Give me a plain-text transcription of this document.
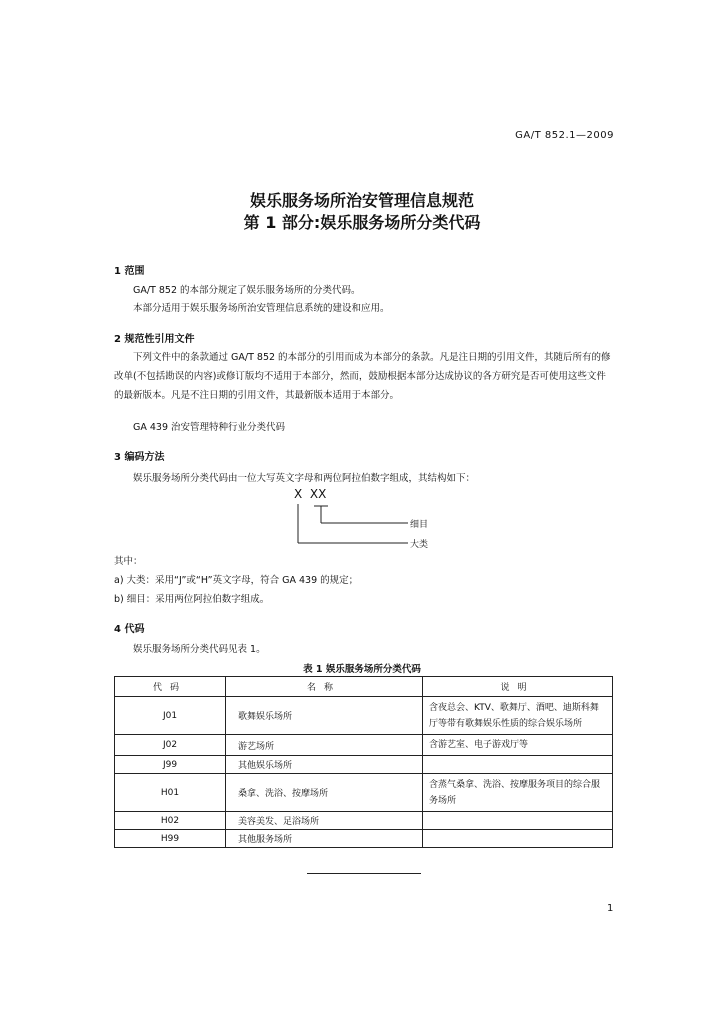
GA/T 852.1—2009
娱乐服务场所治安管理信息规范
第 1 部分:娱乐服务场所分类代码
1 范围
GA/T 852 的本部分规定了娱乐服务场所的分类代码。
本部分适用于娱乐服务场所治安管理信息系统的建设和应用。
2 规范性引用文件
下列文件中的条款通过 GA/T 852 的本部分的引用而成为本部分的条款。凡是注日期的引用文件，其随后所有的修改单(不包括勘误的内容)或修订版均不适用于本部分，然而，鼓励根据本部分达成协议的各方研究是否可使用这些文件的最新版本。凡是不注日期的引用文件，其最新版本适用于本部分。
GA 439 治安管理特种行业分类代码
3 编码方法
娱乐服务场所分类代码由一位大写英文字母和两位阿拉伯数字组成，其结构如下：
X  XX
细目
大类
其中：
a) 大类：采用“J”或“H”英文字母，符合 GA 439 的规定；
b) 细目：采用两位阿拉伯数字组成。
4 代码
娱乐服务场所分类代码见表 1。
表 1 娱乐服务场所分类代码
代码	名称	说明
J01	歌舞娱乐场所	含夜总会、KTV、歌舞厅、酒吧、迪斯科舞厅等带有歌舞娱乐性质的综合娱乐场所
J02	游艺场所	含游艺室、电子游戏厅等
J99	其他娱乐场所	
H01	桑拿、洗浴、按摩场所	含蒸气桑拿、洗浴、按摩服务项目的综合服务场所
H02	美容美发、足浴场所	
H99	其他服务场所	
1
